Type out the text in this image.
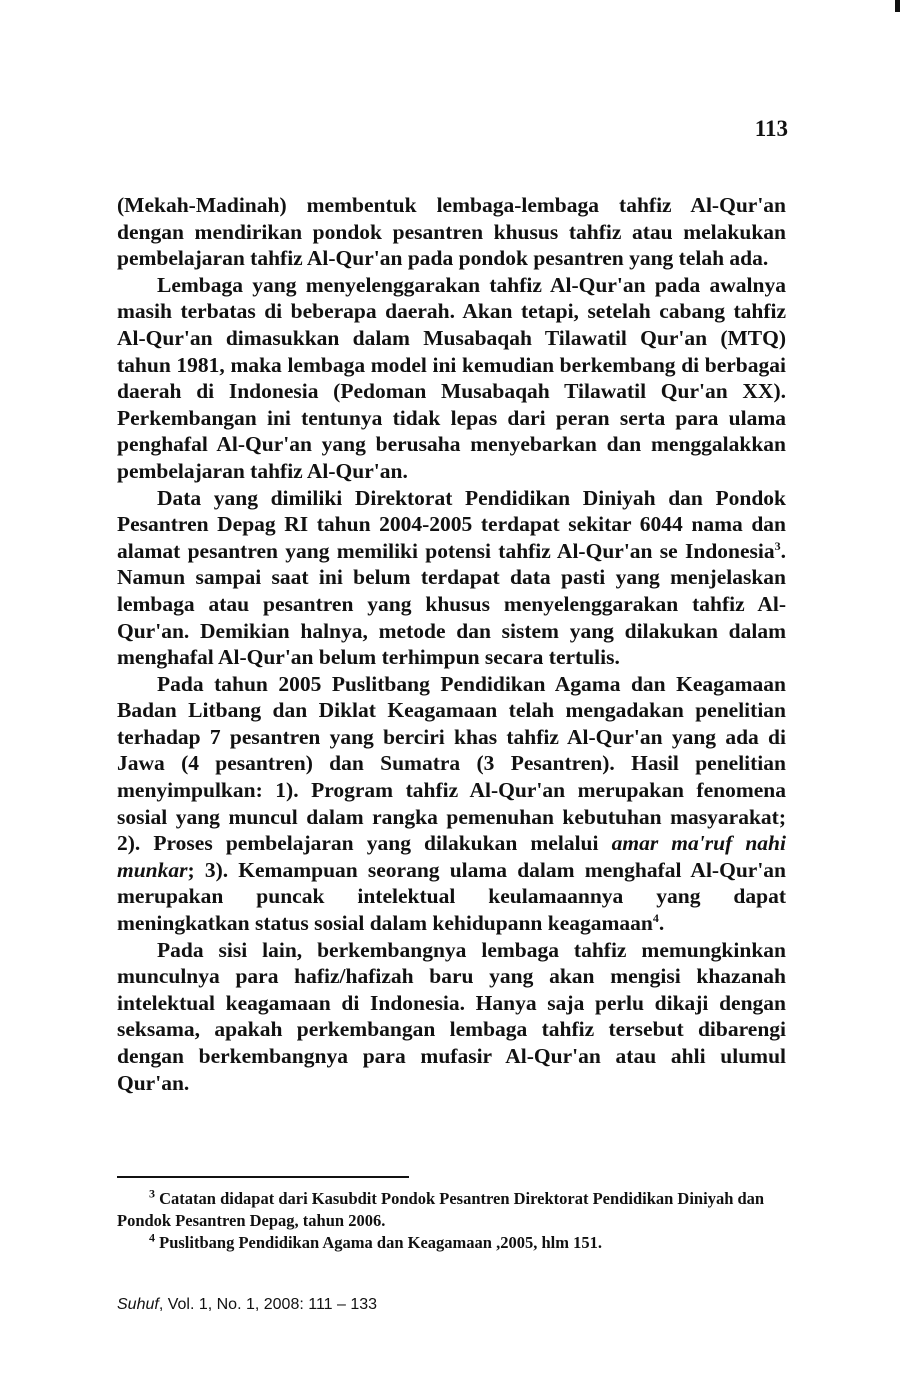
113

(Mekah-Madinah) membentuk lembaga-lembaga tahfiz Al-Qur'an dengan mendirikan pondok pesantren khusus tahfiz atau melakukan pembelajaran tahfiz Al-Qur'an pada pondok pesantren yang telah ada.

Lembaga yang menyelenggarakan tahfiz Al-Qur'an pada awalnya masih terbatas di beberapa daerah. Akan tetapi, setelah cabang tahfiz Al-Qur'an dimasukkan dalam Musabaqah Tilawatil Qur'an (MTQ) tahun 1981, maka lembaga model ini kemudian berkembang di berbagai daerah di Indonesia (Pedoman Musabaqah Tilawatil Qur'an XX). Perkembangan ini tentunya tidak lepas dari peran serta para ulama penghafal Al-Qur'an yang berusaha menyebarkan dan menggalakkan pembelajaran tahfiz Al-Qur'an.

Data yang dimiliki Direktorat Pendidikan Diniyah dan Pondok Pesantren Depag RI tahun 2004-2005 terdapat sekitar 6044 nama dan alamat pesantren yang memiliki potensi tahfiz Al-Qur'an se Indonesia$^3$. Namun sampai saat ini belum terdapat data pasti yang menjelaskan lembaga atau pesantren yang khusus menyelenggarakan tahfiz Al-Qur'an. Demikian halnya, metode dan sistem yang dilakukan dalam menghafal Al-Qur'an belum terhimpun secara tertulis.

Pada tahun 2005 Puslitbang Pendidikan Agama dan Keagamaan Badan Litbang dan Diklat Keagamaan telah mengadakan penelitian terhadap 7 pesantren yang berciri khas tahfiz Al-Qur'an yang ada di Jawa (4 pesantren) dan Sumatra (3 Pesantren). Hasil penelitian menyimpulkan: 1). Program tahfiz Al-Qur'an merupakan fenomena sosial yang muncul dalam rangka pemenuhan kebutuhan masyarakat; 2). Proses pembelajaran yang dilakukan melalui amar ma'ruf nahi munkar; 3). Kemampuan seorang ulama dalam menghafal Al-Qur'an merupakan puncak intelektual keulamaannya yang dapat meningkatkan status sosial dalam kehidupann keagamaan$^4$.

Pada sisi lain, berkembangnya lembaga tahfiz memungkinkan munculnya para hafiz/hafizah baru yang akan mengisi khazanah intelektual keagamaan di Indonesia. Hanya saja perlu dikaji dengan seksama, apakah perkembangan lembaga tahfiz tersebut dibarengi dengan berkembangnya para mufasir Al-Qur'an atau ahli ulumul Qur'an.

$^3$ Catatan didapat dari Kasubdit Pondok Pesantren Direktorat Pendidikan Diniyah dan Pondok Pesantren Depag, tahun 2006.

$^4$ Puslitbang Pendidikan Agama dan Keagamaan ,2005, hlm 151.

Suhuf, Vol. 1, No. 1, 2008: 111 – 133
